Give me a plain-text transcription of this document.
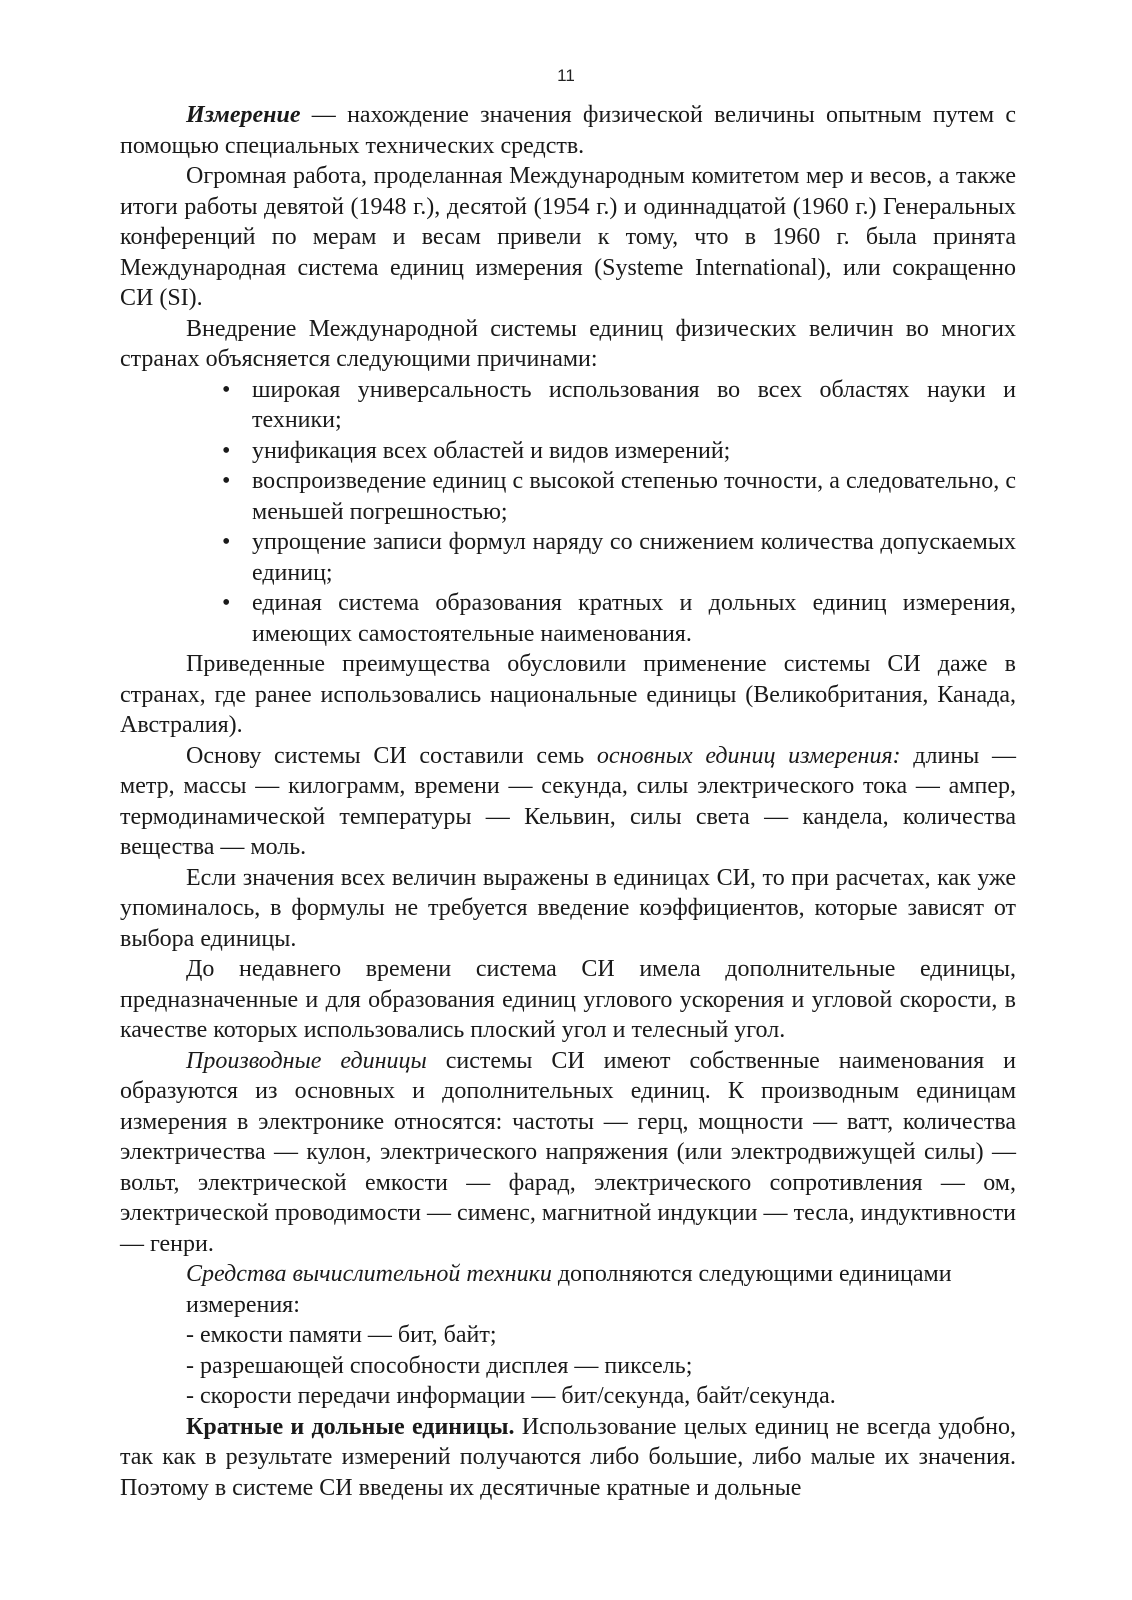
11

Измерение — нахождение значения физической величины опытным путем с помощью специальных технических средств.

Огромная работа, проделанная Международным комитетом мер и весов, а также итоги работы девятой (1948 г.), десятой (1954 г.) и одиннадцатой (1960 г.) Генеральных конференций по мерам и весам привели к тому, что в 1960 г. была принята Международная система единиц измерения (Systeme International), или сокращенно СИ (SI).

Внедрение Международной системы единиц физических величин во многих странах объясняется следующими причинами:

• широкая универсальность использования во всех областях науки и техники;
• унификация всех областей и видов измерений;
• воспроизведение единиц с высокой степенью точности, а следовательно, с меньшей погрешностью;
• упрощение записи формул наряду со снижением количества допускаемых единиц;
• единая система образования кратных и дольных единиц измерения, имеющих самостоятельные наименования.

Приведенные преимущества обусловили применение системы СИ даже в странах, где ранее использовались национальные единицы (Великобритания, Канада, Австралия).

Основу системы СИ составили семь основных единиц измерения: длины — метр, массы — килограмм, времени — секунда, силы электрического тока — ампер, термодинамической температуры — Кельвин, силы света — кандела, количества вещества — моль.

Если значения всех величин выражены в единицах СИ, то при расчетах, как уже упоминалось, в формулы не требуется введение коэффициентов, которые зависят от выбора единицы.

До недавнего времени система СИ имела дополнительные единицы, предназначенные и для образования единиц углового ускорения и угловой скорости, в качестве которых использовались плоский угол и телесный угол.

Производные единицы системы СИ имеют собственные наименования и образуются из основных и дополнительных единиц. К производным единицам измерения в электронике относятся: частоты — герц, мощности — ватт, количества электричества — кулон, электрического напряжения (или электродвижущей силы) — вольт, электрической емкости — фарад, электрического сопротивления — ом, электрической проводимости — сименс, магнитной индукции — тесла, индуктивности — генри.

Средства вычислительной техники дополняются следующими единицами измерения:
- емкости памяти — бит, байт;
- разрешающей способности дисплея — пиксель;
- скорости передачи информации — бит/секунда, байт/секунда.

Кратные и дольные единицы. Использование целых единиц не всегда удобно, так как в результате измерений получаются либо большие, либо малые их значения. Поэтому в системе СИ введены их десятичные кратные и дольные
